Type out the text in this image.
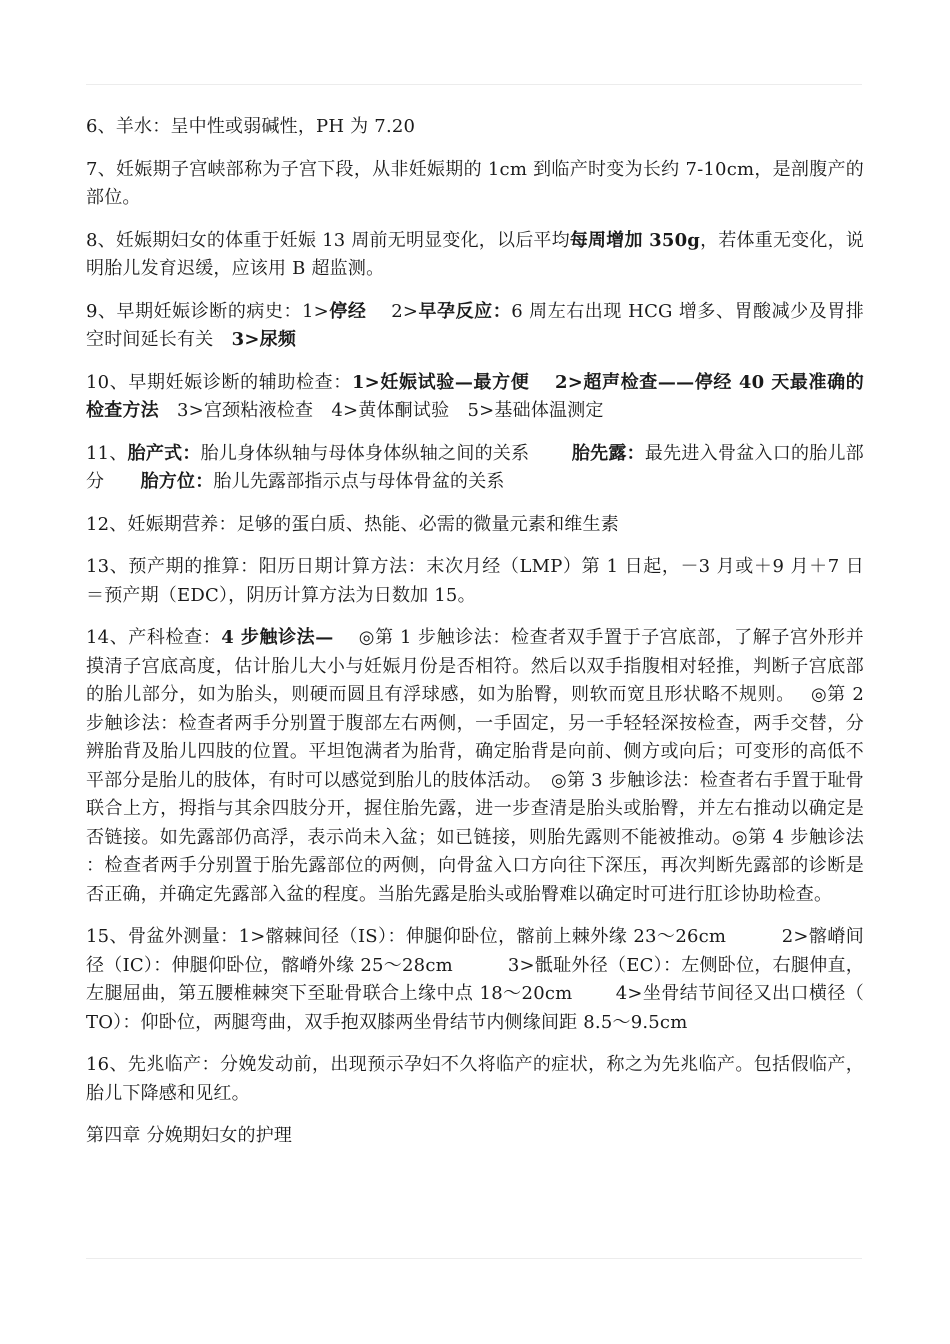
6、羊水：呈中性或弱碱性，PH 为 7.20

7、妊娠期子宫峡部称为子宫下段，从非妊娠期的 1cm 到临产时变为长约 7-10cm，是剖腹产的部位。

8、妊娠期妇女的体重于妊娠 13 周前无明显变化，以后平均每周增加 350g，若体重无变化，说明胎儿发育迟缓，应该用 B 超监测。

9、早期妊娠诊断的病史：1>停经　 2>早孕反应：6 周左右出现 HCG 增多、胃酸减少及胃排空时间延长有关　3>尿频

10、早期妊娠诊断的辅助检查：1>妊娠试验—最方便　 2>超声检查——停经 40 天最准确的检查方法　3>宫颈粘液检查　4>黄体酮试验　5>基础体温测定

11、胎产式：胎儿身体纵轴与母体身体纵轴之间的关系　　 胎先露：最先进入骨盆入口的胎儿部分　　胎方位：胎儿先露部指示点与母体骨盆的关系

12、妊娠期营养：足够的蛋白质、热能、必需的微量元素和维生素

13、预产期的推算：阳历日期计算方法：末次月经（LMP）第 1 日起，－3 月或＋9 月＋7 日＝预产期（EDC），阴历计算方法为日数加 15。

14、产科检查：4 步触诊法—　 ◎第 1 步触诊法：检查者双手置于子宫底部，了解子宫外形并摸清子宫底高度，估计胎儿大小与妊娠月份是否相符。然后以双手指腹相对轻推，判断子宫底部的胎儿部分，如为胎头，则硬而圆且有浮球感，如为胎臀，则软而宽且形状略不规则。　 ◎第 2 步触诊法：检查者两手分别置于腹部左右两侧，一手固定，另一手轻轻深按检查，两手交替，分辨胎背及胎儿四肢的位置。平坦饱满者为胎背，确定胎背是向前、侧方或向后；可变形的高低不平部分是胎儿的肢体，有时可以感觉到胎儿的肢体活动。　◎第 3 步触诊法：检查者右手置于耻骨联合上方，拇指与其余四肢分开，握住胎先露，进一步查清是胎头或胎臀，并左右推动以确定是否链接。如先露部仍高浮，表示尚未入盆；如已链接，则胎先露则不能被推动。◎第 4 步触诊法：检查者两手分别置于胎先露部位的两侧，向骨盆入口方向往下深压，再次判断先露部的诊断是否正确，并确定先露部入盆的程度。当胎先露是胎头或胎臀难以确定时可进行肛诊协助检查。

15、骨盆外测量：1>髂棘间径（IS）：伸腿仰卧位，髂前上棘外缘 23～26cm　　　2>髂嵴间径（IC）：伸腿仰卧位，髂嵴外缘 25～28cm　　　3>骶耻外径（EC）：左侧卧位，右腿伸直，左腿屈曲，第五腰椎棘突下至耻骨联合上缘中点 18～20cm　　 4>坐骨结节间径又出口横径（TO）：仰卧位，两腿弯曲，双手抱双膝两坐骨结节内侧缘间距 8.5～9.5cm

16、先兆临产：分娩发动前，出现预示孕妇不久将临产的症状，称之为先兆临产。包括假临产，胎儿下降感和见红。

第四章 分娩期妇女的护理
